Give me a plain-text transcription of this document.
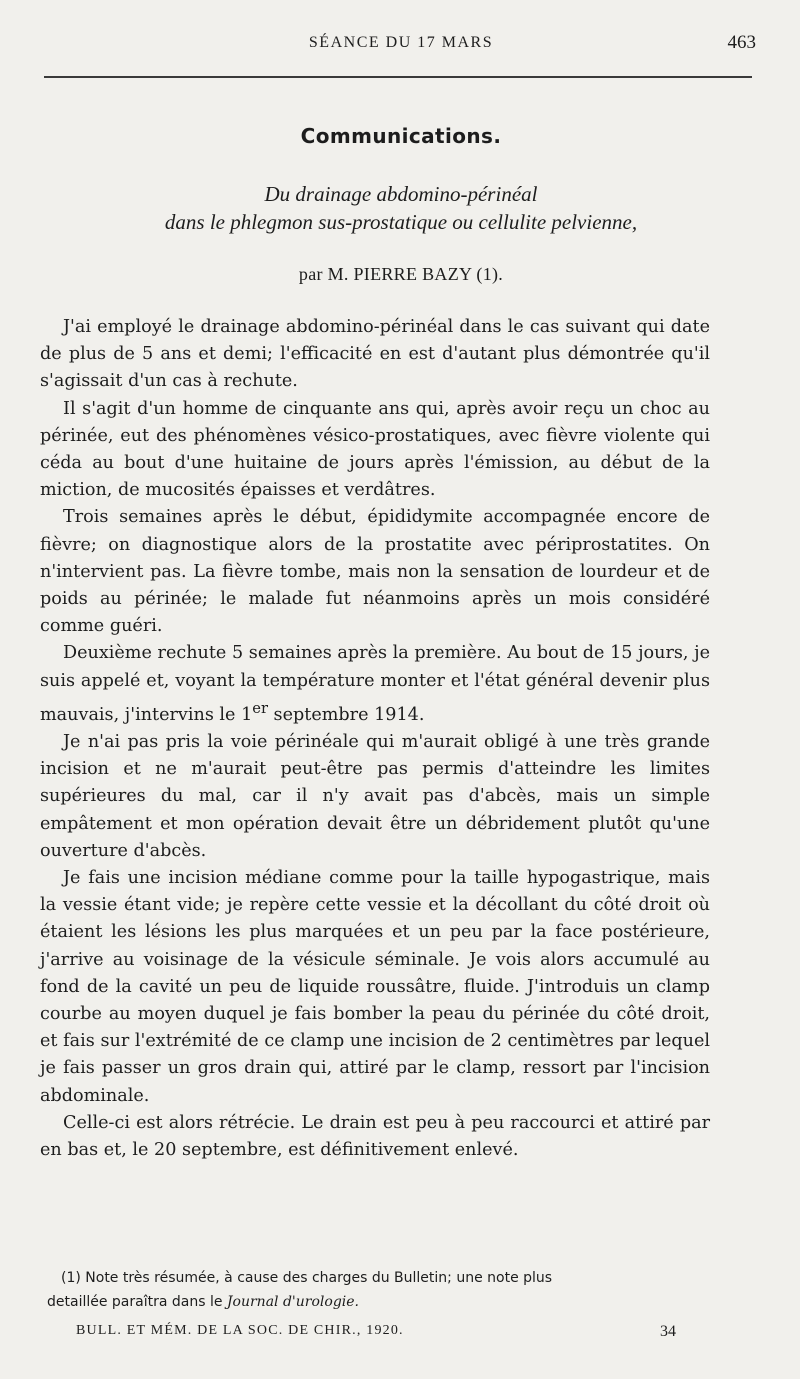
SÉANCE DU 17 MARS	463
Communications.
Du drainage abdomino-périnéal
dans le phlegmon sus-prostatique ou cellulite pelvienne,
par M. PIERRE BAZY (1).

J'ai employé le drainage abdomino-périnéal dans le cas suivant qui date de plus de 5 ans et demi; l'efficacité en est d'autant plus démontrée qu'il s'agissait d'un cas à rechute.

Il s'agit d'un homme de cinquante ans qui, après avoir reçu un choc au périnée, eut des phénomènes vésico-prostatiques, avec fièvre violente qui céda au bout d'une huitaine de jours après l'émission, au début de la miction, de mucosités épaisses et verdâtres.

Trois semaines après le début, épididymite accompagnée encore de fièvre; on diagnostique alors de la prostatite avec périprostatites. On n'intervient pas. La fièvre tombe, mais non la sensation de lourdeur et de poids au périnée; le malade fut néanmoins après un mois considéré comme guéri.

Deuxième rechute 5 semaines après la première. Au bout de 15 jours, je suis appelé et, voyant la température monter et l'état général devenir plus mauvais, j'intervins le 1er septembre 1914.

Je n'ai pas pris la voie périnéale qui m'aurait obligé à une très grande incision et ne m'aurait peut-être pas permis d'atteindre les limites supérieures du mal, car il n'y avait pas d'abcès, mais un simple empâtement et mon opération devait être un débridement plutôt qu'une ouverture d'abcès.

Je fais une incision médiane comme pour la taille hypogastrique, mais la vessie étant vide; je repère cette vessie et la décollant du côté droit où étaient les lésions les plus marquées et un peu par la face postérieure, j'arrive au voisinage de la vésicule séminale. Je vois alors accumulé au fond de la cavité un peu de liquide roussâtre, fluide. J'introduis un clamp courbe au moyen duquel je fais bomber la peau du périnée du côté droit, et fais sur l'extrémité de ce clamp une incision de 2 centimètres par lequel je fais passer un gros drain qui, attiré par le clamp, ressort par l'incision abdominale.

Celle-ci est alors rétrécie. Le drain est peu à peu raccourci et attiré par en bas et, le 20 septembre, est définitivement enlevé.

(1) Note très résumée, à cause des charges du Bulletin; une note plus
detaillée paraîtra dans le Journal d'urologie.
BULL. ET MÉM. DE LA SOC. DE CHIR., 1920.	34
